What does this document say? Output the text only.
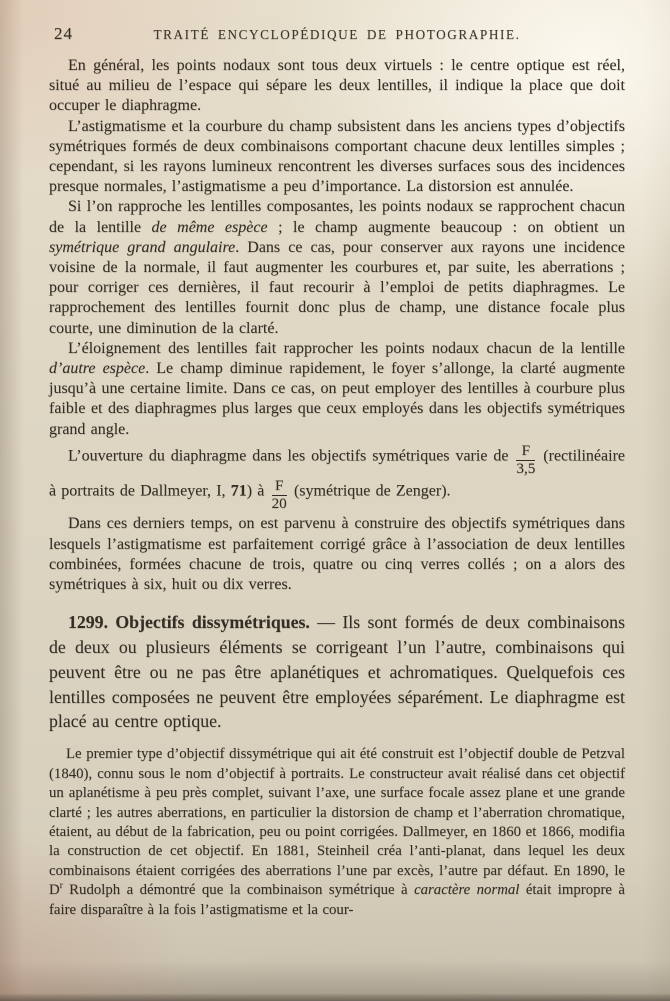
24	TRAITÉ ENCYCLOPÉDIQUE DE PHOTOGRAPHIE.

En général, les points nodaux sont tous deux virtuels : le centre optique est réel, situé au milieu de l’espace qui sépare les deux lentilles, il indique la place que doit occuper le diaphragme.

L’astigmatisme et la courbure du champ subsistent dans les anciens types d’objectifs symétriques formés de deux combinaisons comportant chacune deux lentilles simples ; cependant, si les rayons lumineux rencontrent les diverses surfaces sous des incidences presque normales, l’astigmatisme a peu d’importance. La distorsion est annulée.

Si l’on rapproche les lentilles composantes, les points nodaux se rapprochent chacun de la lentille de même espèce ; le champ augmente beaucoup : on obtient un symétrique grand angulaire. Dans ce cas, pour conserver aux rayons une incidence voisine de la normale, il faut augmenter les courbures et, par suite, les aberrations ; pour corriger ces dernières, il faut recourir à l’emploi de petits diaphragmes. Le rapprochement des lentilles fournit donc plus de champ, une distance focale plus courte, une diminution de la clarté.

L’éloignement des lentilles fait rapprocher les points nodaux chacun de la lentille d’autre espèce. Le champ diminue rapidement, le foyer s’allonge, la clarté augmente jusqu’à une certaine limite. Dans ce cas, on peut employer des lentilles à courbure plus faible et des diaphragmes plus larges que ceux employés dans les objectifs symétriques grand angle.

L’ouverture du diaphragme dans les objectifs symétriques varie de $\frac{F}{3,5}$ (rectilinéaire à portraits de Dallmeyer, I, 71) à $\frac{F}{20}$ (symétrique de Zenger).

Dans ces derniers temps, on est parvenu à construire des objectifs symétriques dans lesquels l’astigmatisme est parfaitement corrigé grâce à l’association de deux lentilles combinées, formées chacune de trois, quatre ou cinq verres collés ; on a alors des symétriques à six, huit ou dix verres.

1299. Objectifs dissymétriques. — Ils sont formés de deux combinaisons de deux ou plusieurs éléments se corrigeant l’un l’autre, combinaisons qui peuvent être ou ne pas être aplanétiques et achromatiques. Quelquefois ces lentilles composées ne peuvent être employées séparément. Le diaphragme est placé au centre optique.

Le premier type d’objectif dissymétrique qui ait été construit est l’objectif double de Petzval (1840), connu sous le nom d’objectif à portraits. Le constructeur avait réalisé dans cet objectif un aplanétisme à peu près complet, suivant l’axe, une surface focale assez plane et une grande clarté ; les autres aberrations, en particulier la distorsion de champ et l’aberration chromatique, étaient, au début de la fabrication, peu ou point corrigées. Dallmeyer, en 1860 et 1866, modifia la construction de cet objectif. En 1881, Steinheil créa l’anti-planat, dans lequel les deux combinaisons étaient corrigées des aberrations l’une par excès, l’autre par défaut. En 1890, le $D^r$ Rudolph a démontré que la combinaison symétrique à caractère normal était impropre à faire disparaître à la fois l’astigmatisme et la cour-
